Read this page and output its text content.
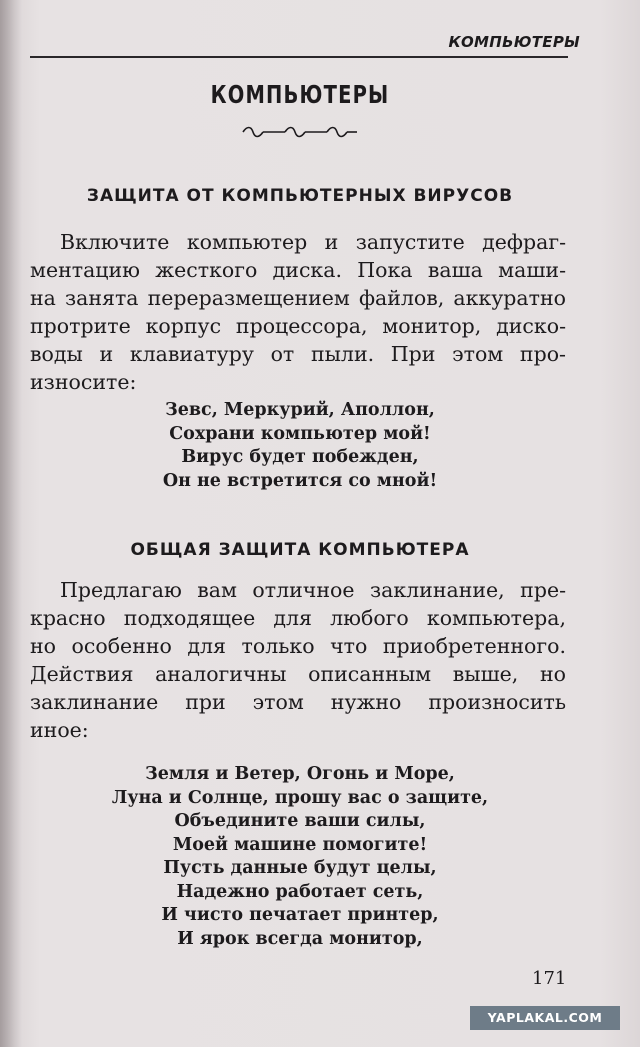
КОМПЬЮТЕРЫ
КОМПЬЮТЕРЫ
ЗАЩИТА ОТ КОМПЬЮТЕРНЫХ ВИРУСОВ
Включите компьютер и запустите дефраг-
ментацию жесткого диска. Пока ваша маши-
на занята переразмещением файлов, аккуратно
протрите корпус процессора, монитор, диско-
воды и клавиатуру от пыли. При этом про-
износите:
Зевс, Меркурий, Аполлон,
Сохрани компьютер мой!
Вирус будет побежден,
Он не встретится со мной!
ОБЩАЯ ЗАЩИТА КОМПЬЮТЕРА
Предлагаю вам отличное заклинание, пре-
красно подходящее для любого компьютера,
но особенно для только что приобретенного.
Действия аналогичны описанным выше, но
заклинание при этом нужно произносить
иное:
Земля и Ветер, Огонь и Море,
Луна и Солнце, прошу вас о защите,
Объедините ваши силы,
Моей машине помогите!
Пусть данные будут целы,
Надежно работает сеть,
И чисто печатает принтер,
И ярок всегда монитор,
171
YAPLAKAL.COM
